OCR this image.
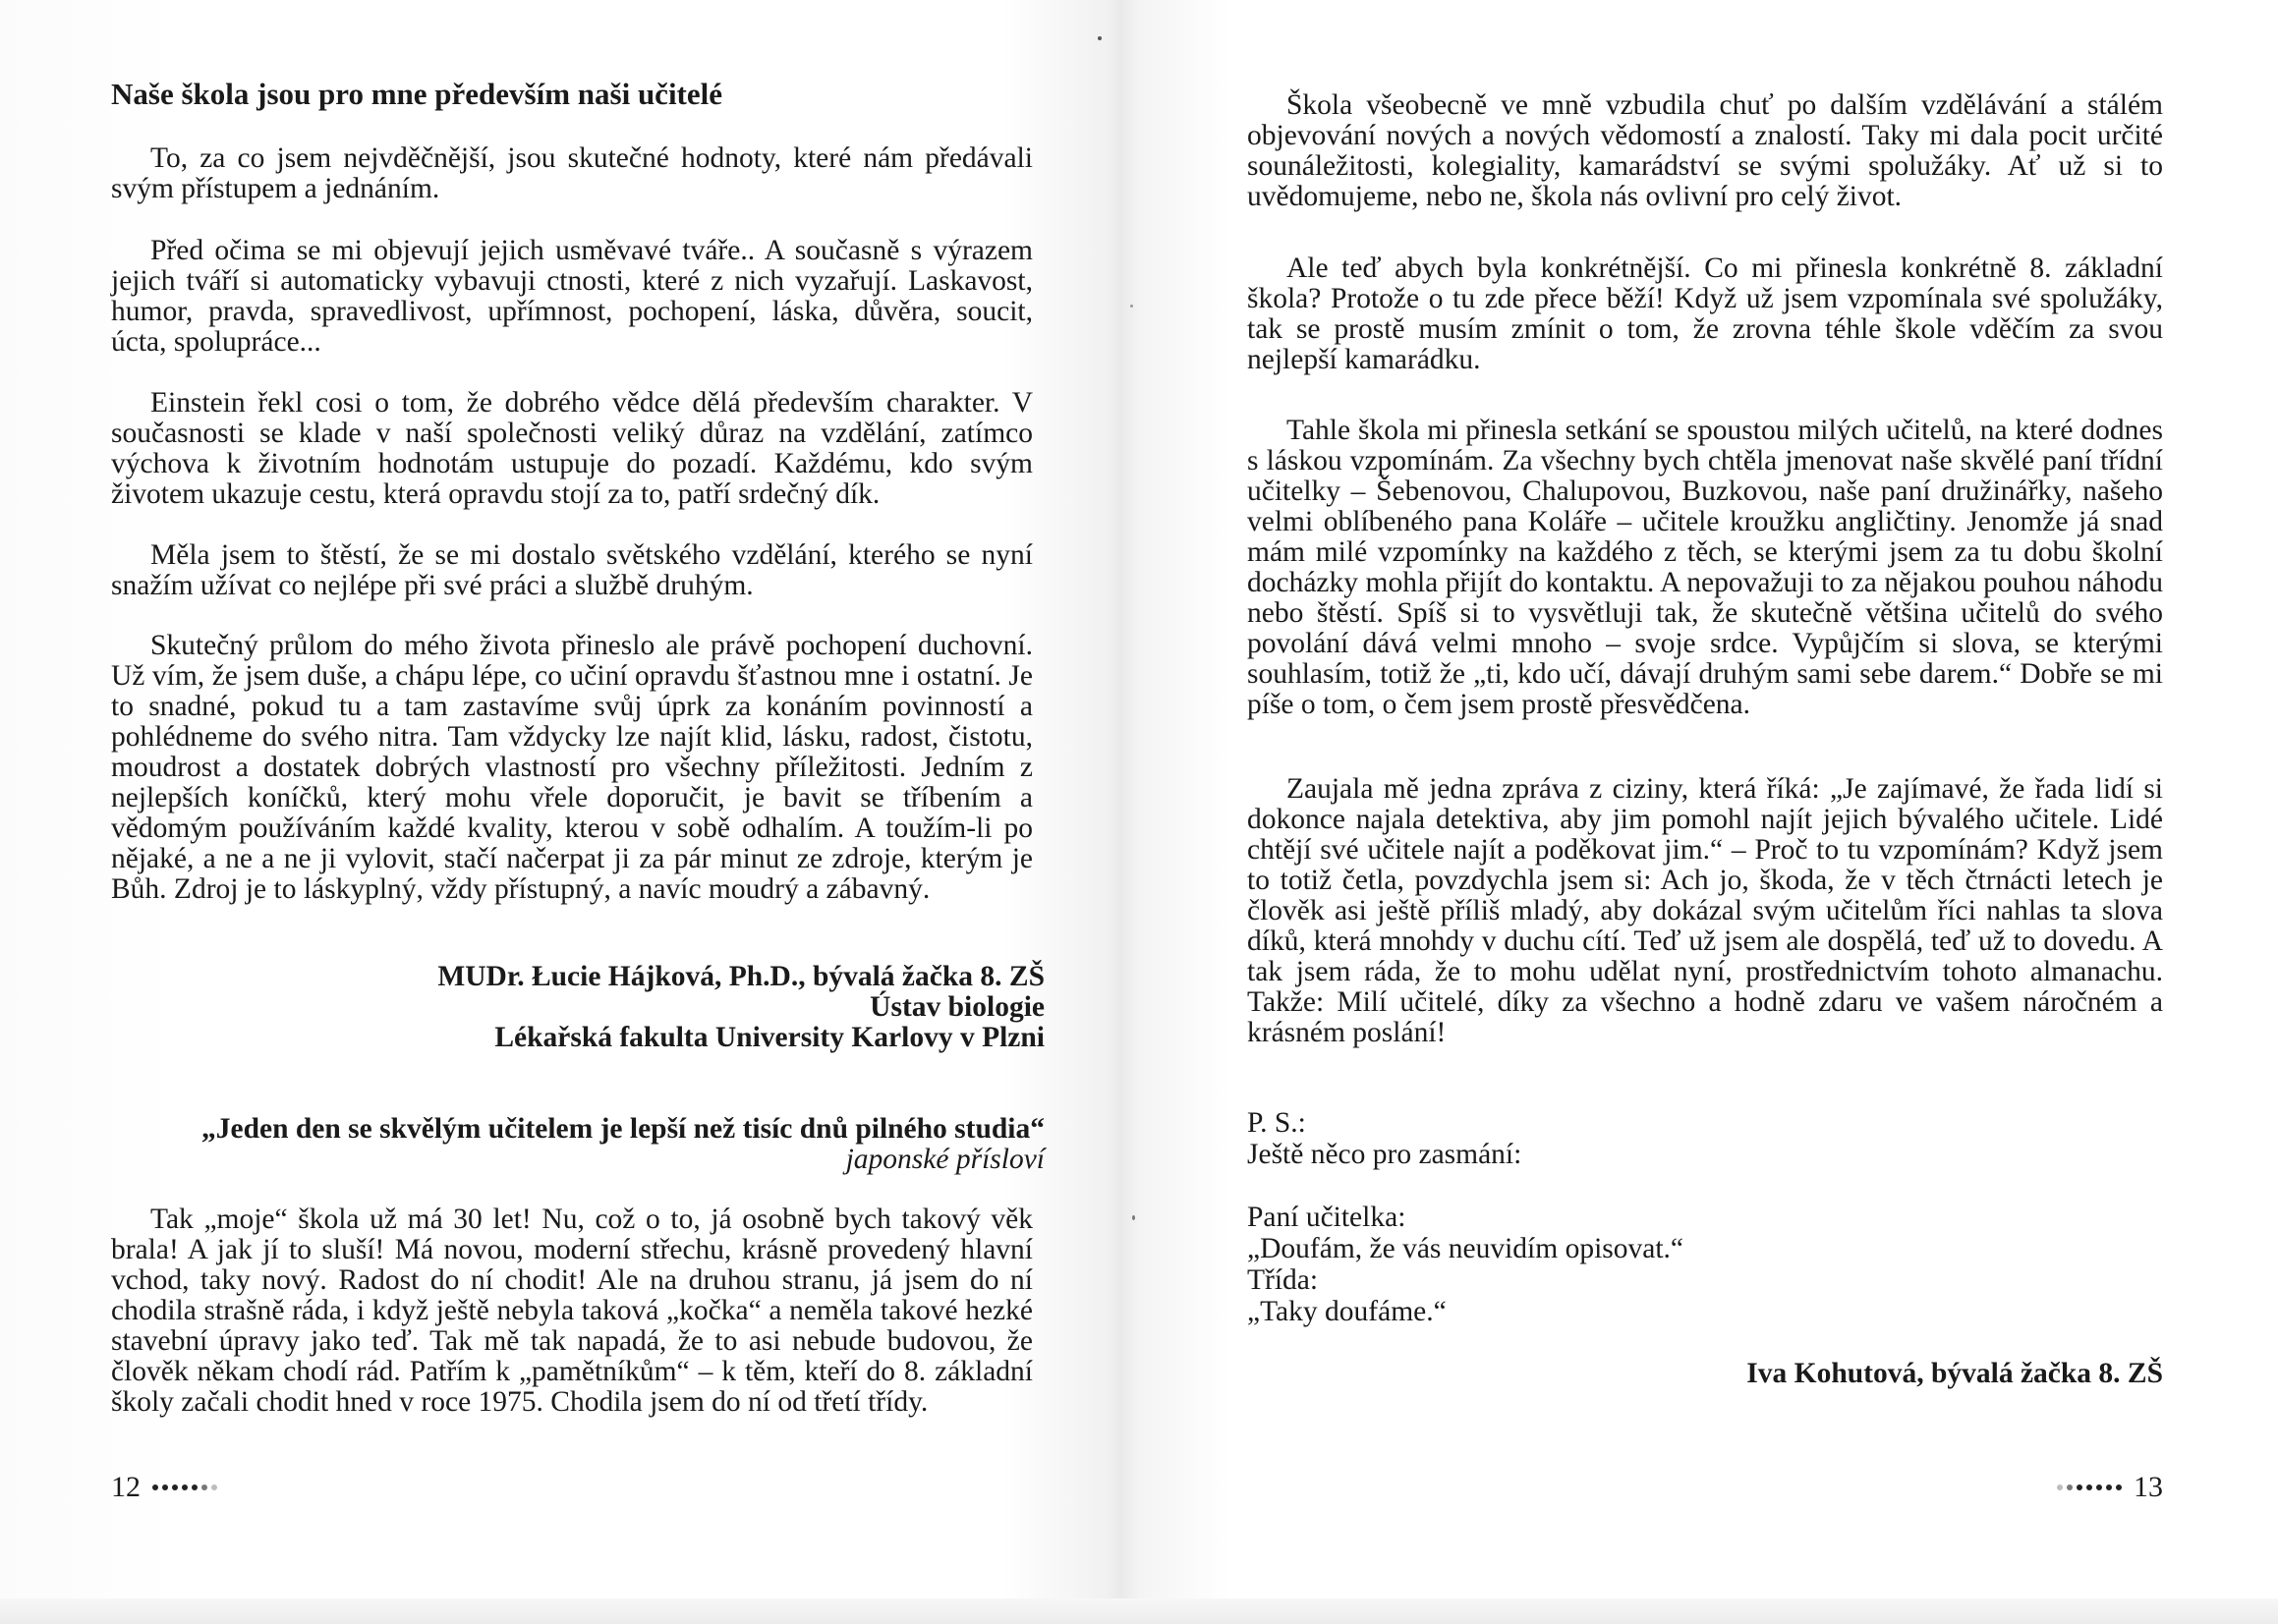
Naše škola jsou pro mne především naši učitelé

To, za co jsem nejvděčnější, jsou skutečné hodnoty, které nám předávali svým přístupem a jednáním.

Před očima se mi objevují jejich usměvavé tváře.. A současně s výrazem jejich tváří si automaticky vybavuji ctnosti, které z nich vyzařují. Laskavost, humor, pravda, spravedlivost, upřímnost, pochopení, láska, důvěra, soucit, úcta, spolupráce...

Einstein řekl cosi o tom, že dobrého vědce dělá především charakter. V současnosti se klade v naší společnosti veliký důraz na vzdělání, zatímco výchova k životním hodnotám ustupuje do pozadí. Každému, kdo svým životem ukazuje cestu, která opravdu stojí za to, patří srdečný dík.

Měla jsem to štěstí, že se mi dostalo světského vzdělání, kterého se nyní snažím užívat co nejlépe při své práci a službě druhým.

Skutečný průlom do mého života přineslo ale právě pochopení duchovní. Už vím, že jsem duše, a chápu lépe, co učiní opravdu šťastnou mne i ostatní. Je to snadné, pokud tu a tam zastavíme svůj úprk za konáním povinností a pohlédneme do svého nitra. Tam vždycky lze najít klid, lásku, radost, čistotu, moudrost a dostatek dobrých vlastností pro všechny příležitosti. Jedním z nejlepších koníčků, který mohu vřele doporučit, je bavit se tříbením a vědomým používáním každé kvality, kterou v sobě odhalím. A toužím-li po nějaké, a ne a ne ji vylovit, stačí načerpat ji za pár minut ze zdroje, kterým je Bůh. Zdroj je to láskyplný, vždy přístupný, a navíc moudrý a zábavný.

MUDr. Łucie Hájková, Ph.D., bývalá žačka 8. ZŠ
Ústav biologie
Lékařská fakulta University Karlovy v Plzni
„Jeden den se skvělým učitelem je lepší než tisíc dnů pilného studia“
japonské přísloví

Tak „moje“ škola už má 30 let! Nu, což o to, já osobně bych takový věk brala! A jak jí to sluší! Má novou, moderní střechu, krásně provedený hlavní vchod, taky nový. Radost do ní chodit! Ale na druhou stranu, já jsem do ní chodila strašně ráda, i když ještě nebyla taková „kočka“ a neměla takové hezké stavební úpravy jako teď. Tak mě tak napadá, že to asi nebude budovou, že člověk někam chodí rád. Patřím k „pamětníkům“ – k těm, kteří do 8. základní školy začali chodit hned v roce 1975. Chodila jsem do ní od třetí třídy.

12

Škola všeobecně ve mně vzbudila chuť po dalším vzdělávání a stálém objevování nových a nových vědomostí a znalostí. Taky mi dala pocit určité sounáležitosti, kolegiality, kamarádství se svými spolužáky. Ať už si to uvědomujeme, nebo ne, škola nás ovlivní pro celý život.

Ale teď abych byla konkrétnější. Co mi přinesla konkrétně 8. základní škola? Protože o tu zde přece běží! Když už jsem vzpomínala své spolužáky, tak se prostě musím zmínit o tom, že zrovna téhle škole vděčím za svou nejlepší kamarádku.

Tahle škola mi přinesla setkání se spoustou milých učitelů, na které dodnes s láskou vzpomínám. Za všechny bych chtěla jmenovat naše skvělé paní třídní učitelky – Šebenovou, Chalupovou, Buzkovou, naše paní družinářky, našeho velmi oblíbeného pana Koláře – učitele kroužku angličtiny. Jenomže já snad mám milé vzpomínky na každého z těch, se kterými jsem za tu dobu školní docházky mohla přijít do kontaktu. A nepovažuji to za nějakou pouhou náhodu nebo štěstí. Spíš si to vysvětluji tak, že skutečně většina učitelů do svého povolání dává velmi mnoho – svoje srdce. Vypůjčím si slova, se kterými souhlasím, totiž že „ti, kdo učí, dávají druhým sami sebe darem.“ Dobře se mi píše o tom, o čem jsem prostě přesvědčena.

Zaujala mě jedna zpráva z ciziny, která říká: „Je zajímavé, že řada lidí si dokonce najala detektiva, aby jim pomohl najít jejich bývalého učitele. Lidé chtějí své učitele najít a poděkovat jim.“ – Proč to tu vzpomínám? Když jsem to totiž četla, povzdychla jsem si: Ach jo, škoda, že v těch čtrnácti letech je člověk asi ještě příliš mladý, aby dokázal svým učitelům říci nahlas ta slova díků, která mnohdy v duchu cítí. Teď už jsem ale dospělá, teď už to dovedu. A tak jsem ráda, že to mohu udělat nyní, prostřednictvím tohoto almanachu. Takže: Milí učitelé, díky za všechno a hodně zdaru ve vašem náročném a krásném poslání!

P. S.:
Ještě něco pro zasmání:
Paní učitelka:
„Doufám, že vás neuvidím opisovat.“
Třída:
„Taky doufáme.“
Iva Kohutová, bývalá žačka 8. ZŠ
13
